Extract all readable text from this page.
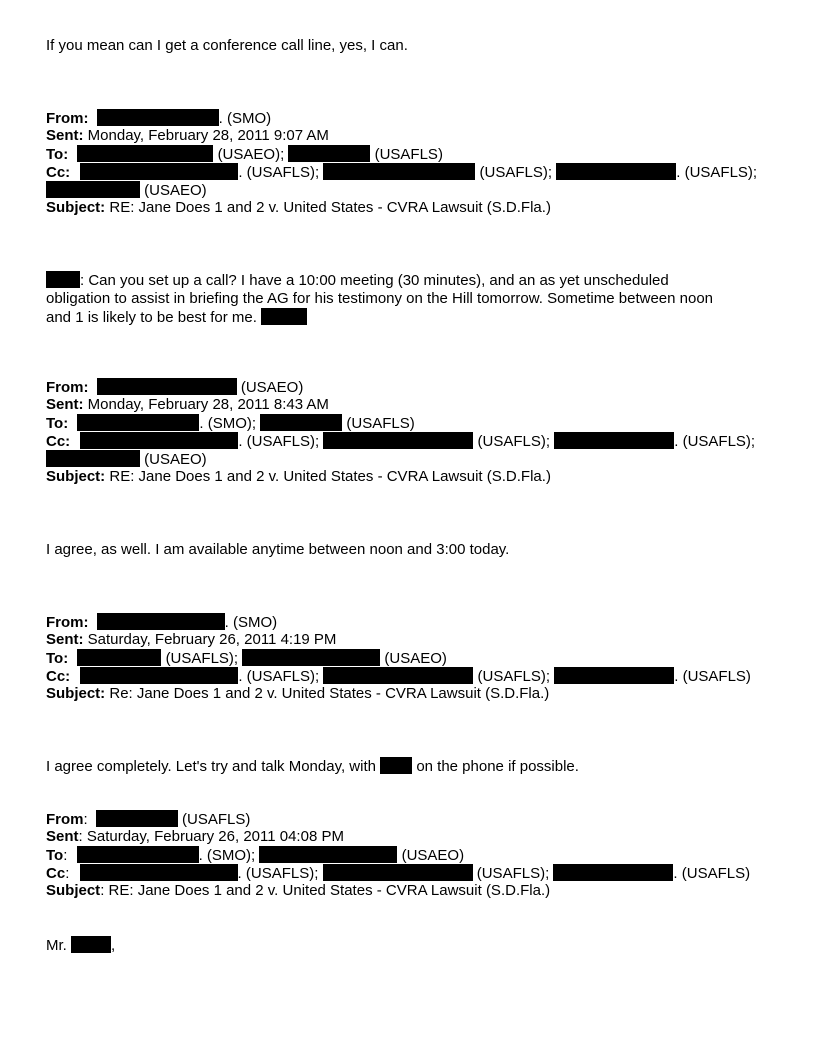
If you mean can I get a conference call line, yes, I can.
From:	. (SMO)
Sent: Monday, February 28, 2011 9:07 AM
To:	(USAEO);	(USAFLS)
Cc:	. (USAFLS);	(USAFLS);	. (USAFLS);
(USAEO)
Subject: RE: Jane Does 1 and 2 v. United States - CVRA Lawsuit (S.D.Fla.)
: Can you set up a call? I have a 10:00 meeting (30 minutes), and an as yet unscheduled
obligation to assist in briefing the AG for his testimony on the Hill tomorrow. Sometime between noon
and 1 is likely to be best for me.
From:	(USAEO)
Sent: Monday, February 28, 2011 8:43 AM
To:	. (SMO);	(USAFLS)
Cc:	. (USAFLS);	(USAFLS);	. (USAFLS);
(USAEO)
Subject: RE: Jane Does 1 and 2 v. United States - CVRA Lawsuit (S.D.Fla.)
I agree, as well. I am available anytime between noon and 3:00 today.
From:	. (SMO)
Sent: Saturday, February 26, 2011 4:19 PM
To:	(USAFLS);	(USAEO)
Cc:	. (USAFLS);	(USAFLS);	. (USAFLS)
Subject: Re: Jane Does 1 and 2 v. United States - CVRA Lawsuit (S.D.Fla.)
I agree completely. Let's try and talk Monday, with	on the phone if possible.
From:	(USAFLS)
Sent: Saturday, February 26, 2011 04:08 PM
To:	. (SMO);	(USAEO)
Cc:	. (USAFLS);	(USAFLS);	. (USAFLS)
Subject: RE: Jane Does 1 and 2 v. United States - CVRA Lawsuit (S.D.Fla.)
Mr.	,
